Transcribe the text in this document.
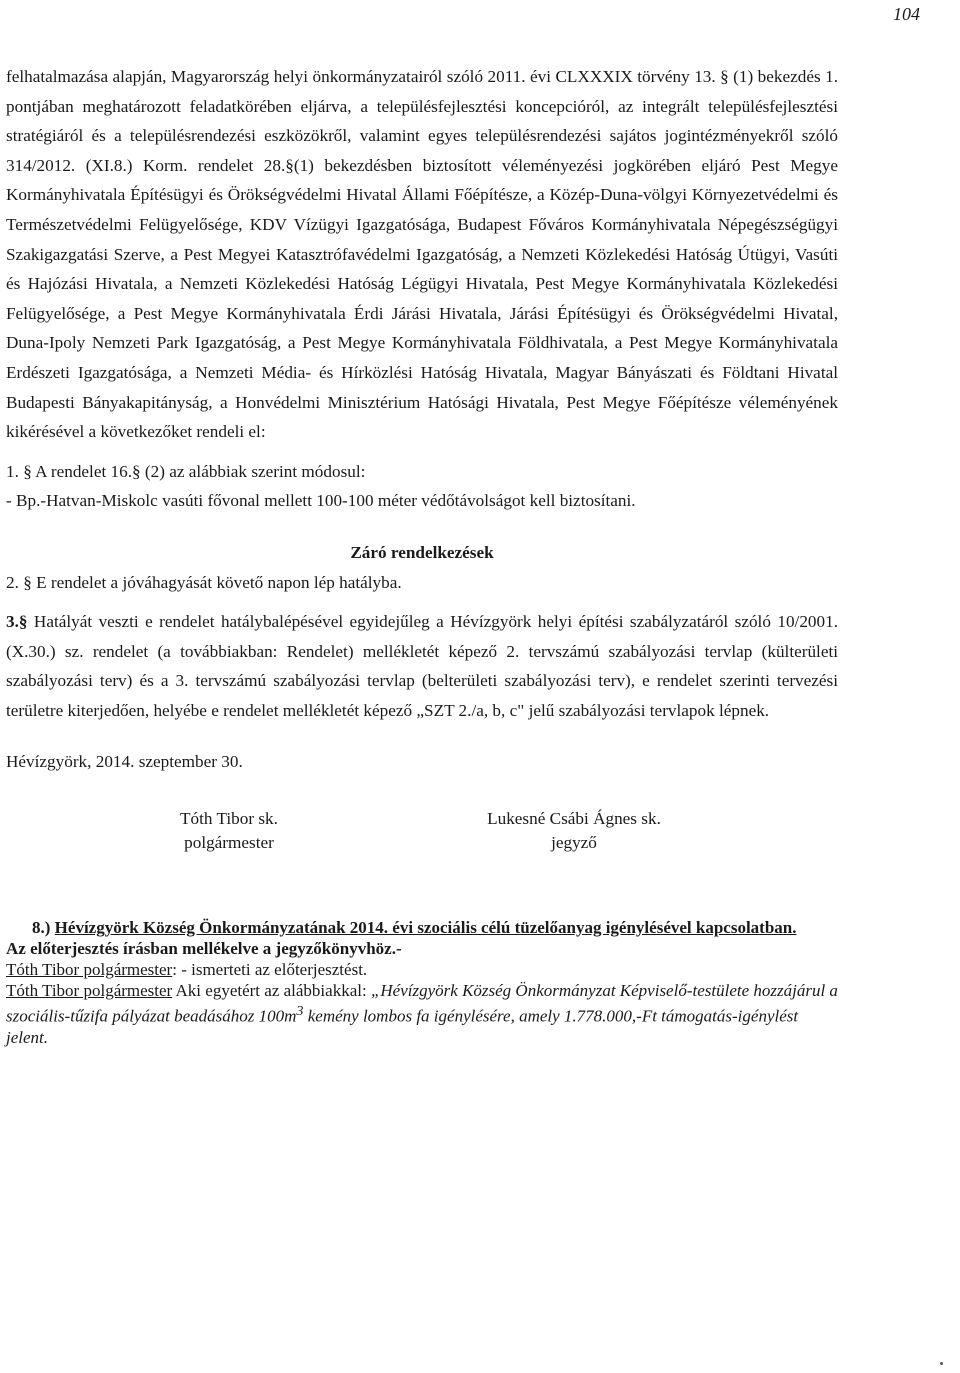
104

felhatalmazása alapján, Magyarország helyi önkormányzatairól szóló 2011. évi CLXXXIX törvény 13. § (1) bekezdés 1. pontjában meghatározott feladatkörében eljárva, a településfejlesztési koncepcióról, az integrált településfejlesztési stratégiáról és a településrendezési eszközökről, valamint egyes településrendezési sajátos jogintézményekről szóló 314/2012. (XI.8.) Korm. rendelet 28.§(1) bekezdésben biztosított véleményezési jogkörében eljáró Pest Megye Kormányhivatala Építésügyi és Örökségvédelmi Hivatal Állami Főépítésze, a Közép-Duna-völgyi Környezetvédelmi és Természetvédelmi Felügyelősége, KDV Vízügyi Igazgatósága, Budapest Főváros Kormányhivatala Népegészségügyi Szakigazgatási Szerve, a Pest Megyei Katasztrófavédelmi Igazgatóság, a Nemzeti Közlekedési Hatóság Útügyi, Vasúti és Hajózási Hivatala, a Nemzeti Közlekedési Hatóság Légügyi Hivatala, Pest Megye Kormányhivatala Közlekedési Felügyelősége, a Pest Megye Kormányhivatala Érdi Járási Hivatala, Járási Építésügyi és Örökségvédelmi Hivatal, Duna-Ipoly Nemzeti Park Igazgatóság, a Pest Megye Kormányhivatala Földhivatala, a Pest Megye Kormányhivatala Erdészeti Igazgatósága, a Nemzeti Média- és Hírközlési Hatóság Hivatala, Magyar Bányászati és Földtani Hivatal Budapesti Bányakapitányság, a Honvédelmi Minisztérium Hatósági Hivatala, Pest Megye Főépítésze véleményének kikérésével a következőket rendeli el:

1. § A rendelet 16.§ (2) az alábbiak szerint módosul:

- Bp.-Hatvan-Miskolc vasúti fővonal mellett 100-100 méter védőtávolságot kell biztosítani.

Záró rendelkezések

2. § E rendelet a jóváhagyását követő napon lép hatályba.

3.§ Hatályát veszti e rendelet hatálybalépésével egyidejűleg a Hévízgyörk helyi építési szabályzatáról szóló 10/2001. (X.30.) sz. rendelet (a továbbiakban: Rendelet) mellékletét képező 2. tervszámú szabályozási tervlap (külterületi szabályozási terv) és a 3. tervszámú szabályozási tervlap (belterületi szabályozási terv), e rendelet szerinti tervezési területre kiterjedően, helyébe e rendelet mellékletét képező „SZT 2./a, b, c" jelű szabályozási tervlapok lépnek.

Hévízgyörk, 2014. szeptember 30.

Tóth Tibor sk.
polgármester
Lukesné Csábi Ágnes sk.
jegyző
8.) Hévízgyörk Község Önkormányzatának 2014. évi szociális célú tüzelőanyag igénylésével kapcsolatban.
Az előterjesztés írásban mellékelve a jegyzőkönyvhöz.-
Tóth Tibor polgármester: - ismerteti az előterjesztést.
Tóth Tibor polgármester Aki egyetért az alábbiakkal: „Hévízgyörk Község Önkormányzat Képviselő-testülete hozzájárul a szociális-tűzifa pályázat beadásához $100m^3$ kemény lombos fa igénylésére, amely 1.778.000,-Ft támogatás-igénylést jelent.
